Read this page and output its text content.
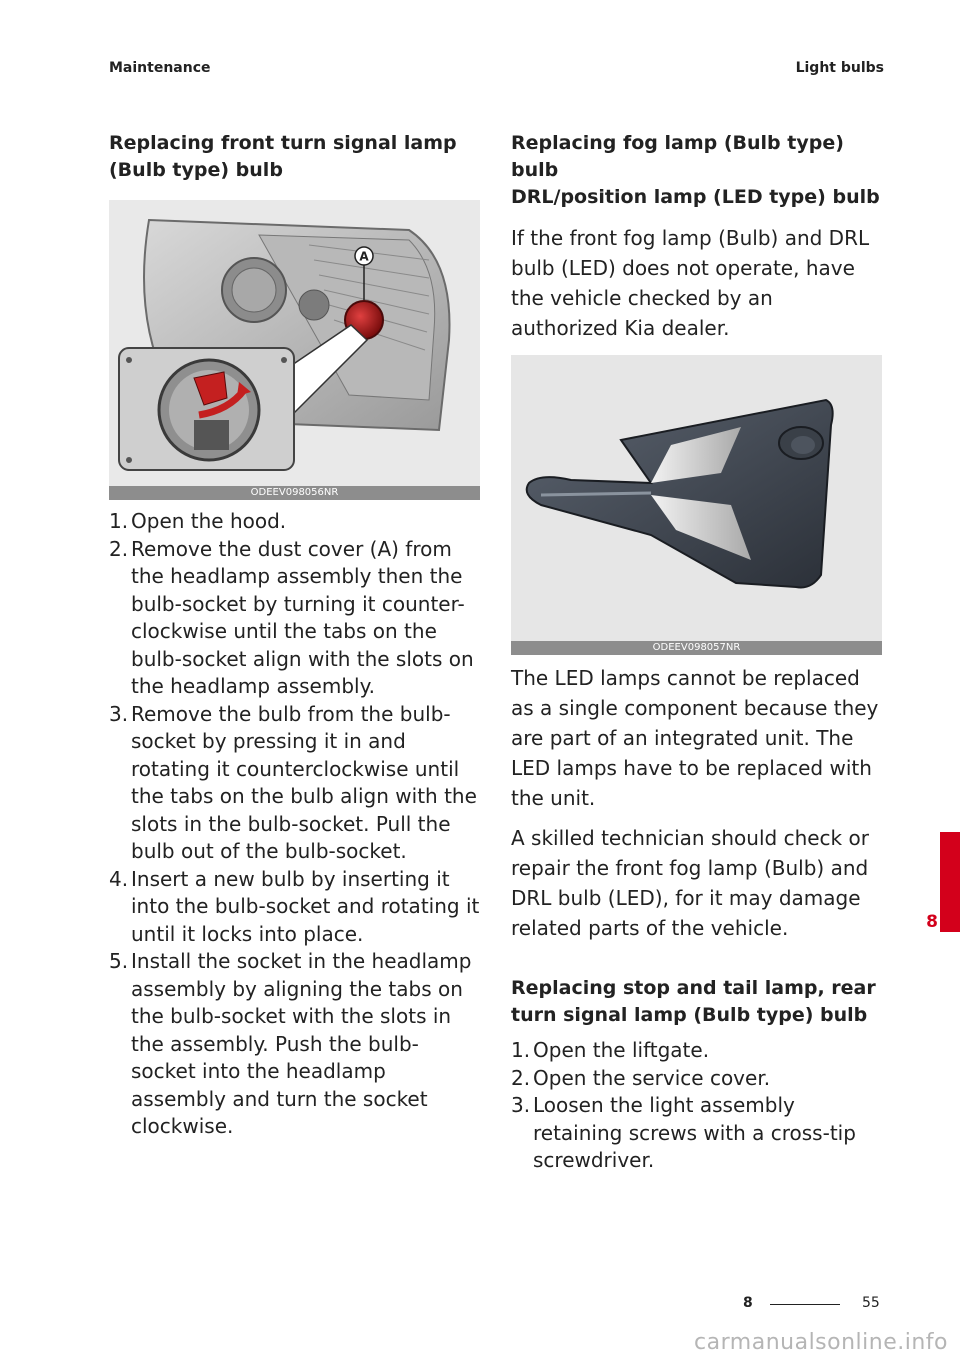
Maintenance	Light bulbs
Replacing front turn signal lamp
(Bulb type) bulb
A
ODEEV098056NR
1. Open the hood.
2. Remove the dust cover (A) from the headlamp assembly then the bulb-socket by turning it counter-clockwise until the tabs on the bulb-socket align with the slots on the headlamp assembly.
3. Remove the bulb from the bulb-socket by pressing it in and rotating it counterclockwise until the tabs on the bulb align with the slots in the bulb-socket. Pull the bulb out of the bulb-socket.
4. Insert a new bulb by inserting it into the bulb-socket and rotating it until it locks into place.
5. Install the socket in the headlamp assembly by aligning the tabs on the bulb-socket with the slots in the assembly. Push the bulb-socket into the headlamp assembly and turn the socket clockwise.
Replacing fog lamp (Bulb type) bulb
DRL/position lamp (LED type) bulb

If the front fog lamp (Bulb) and DRL bulb (LED) does not operate, have the vehicle checked by an authorized Kia dealer.

ODEEV098057NR

The LED lamps cannot be replaced as a single component because they are part of an integrated unit. The LED lamps have to be replaced with the unit.

A skilled technician should check or repair the front fog lamp (Bulb) and DRL bulb (LED), for it may damage related parts of the vehicle.

Replacing stop and tail lamp, rear
turn signal lamp (Bulb type) bulb
1. Open the liftgate.
2. Open the service cover.
3. Loosen the light assembly retaining screws with a cross-tip screwdriver.
8
8	55
carmanualsonline.info
